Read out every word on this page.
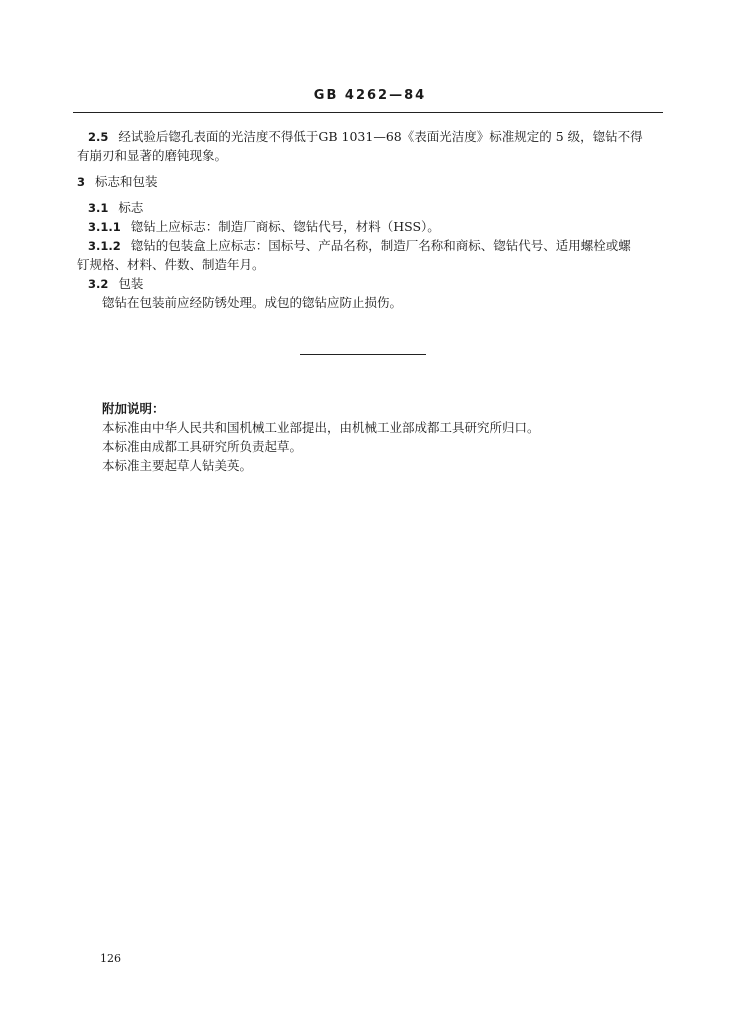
GB 4262—84
2.5 经试验后锪孔表面的光洁度不得低于GB 1031—68《表面光洁度》标准规定的 5 级，锪钻不得
有崩刃和显著的磨钝现象。
3 标志和包装
3.1 标志
3.1.1 锪钻上应标志：制造厂商标、锪钻代号，材料（HSS）。
3.1.2 锪钻的包装盒上应标志：国标号、产品名称，制造厂名称和商标、锪钻代号、适用螺栓或螺
钉规格、材料、件数、制造年月。
3.2 包装
锪钻在包装前应经防锈处理。成包的锪钻应防止损伤。
附加说明：
本标准由中华人民共和国机械工业部提出，由机械工业部成都工具研究所归口。
本标准由成都工具研究所负责起草。
本标准主要起草人钻美英。
126
